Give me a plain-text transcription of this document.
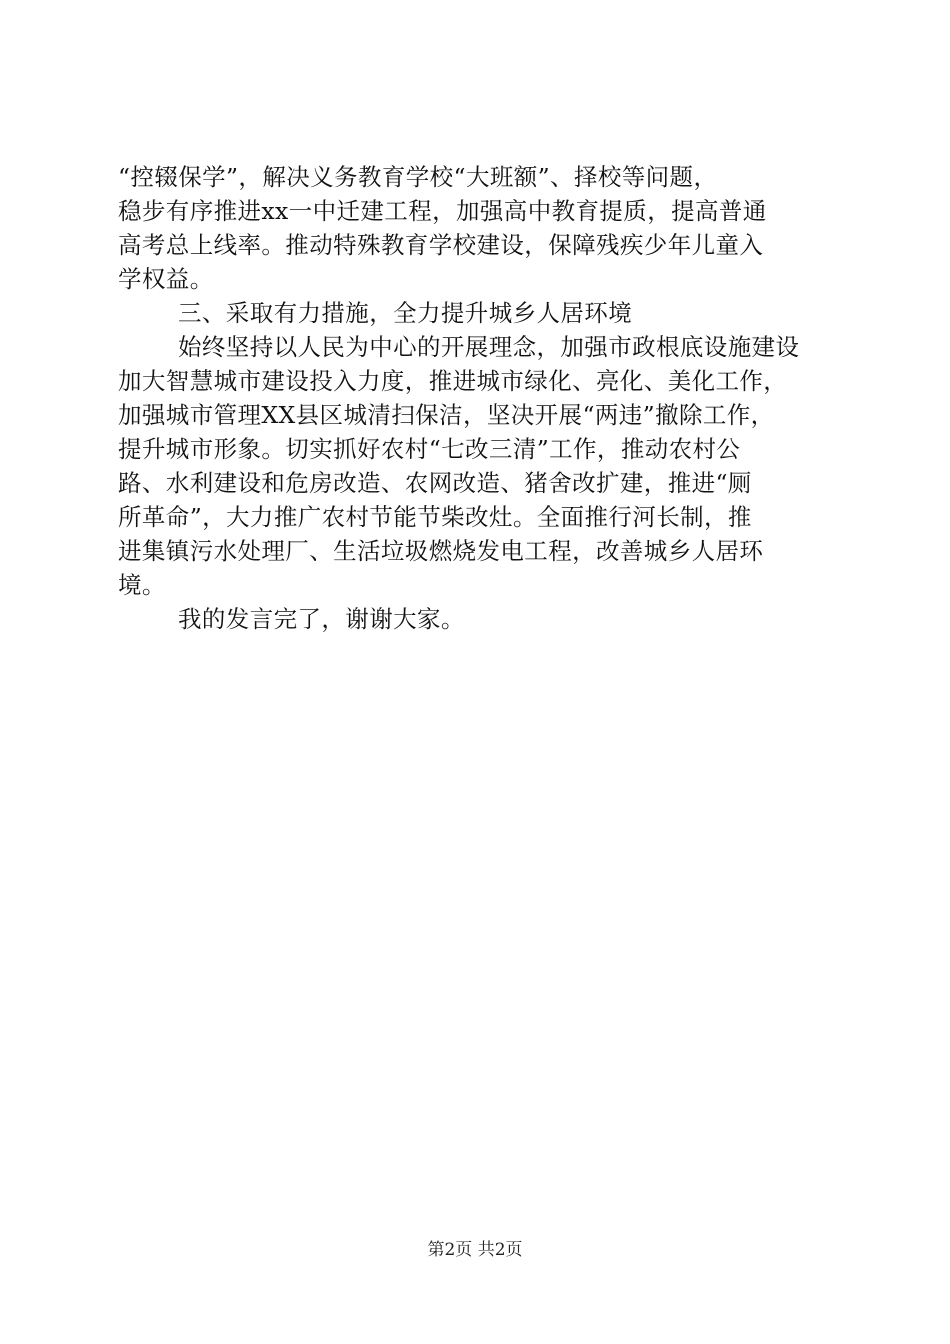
“控辍保学”，解决义务教育学校“大班额”、择校等问题，
稳步有序推进xx一中迁建工程，加强高中教育提质，提高普通
高考总上线率。推动特殊教育学校建设，保障残疾少年儿童入
学权益。
三、采取有力措施，全力提升城乡人居环境
始终坚持以人民为中心的开展理念，加强市政根底设施建设
加大智慧城市建设投入力度，推进城市绿化、亮化、美化工作，
加强城市管理XX县区城清扫保洁，坚决开展“两违”撤除工作，
提升城市形象。切实抓好农村“七改三清”工作，推动农村公
路、水利建设和危房改造、农网改造、猪舍改扩建，推进“厕
所革命”，大力推广农村节能节柴改灶。全面推行河长制，推
进集镇污水处理厂、生活垃圾燃烧发电工程，改善城乡人居环
境。
我的发言完了，谢谢大家。
第2页 共2页
